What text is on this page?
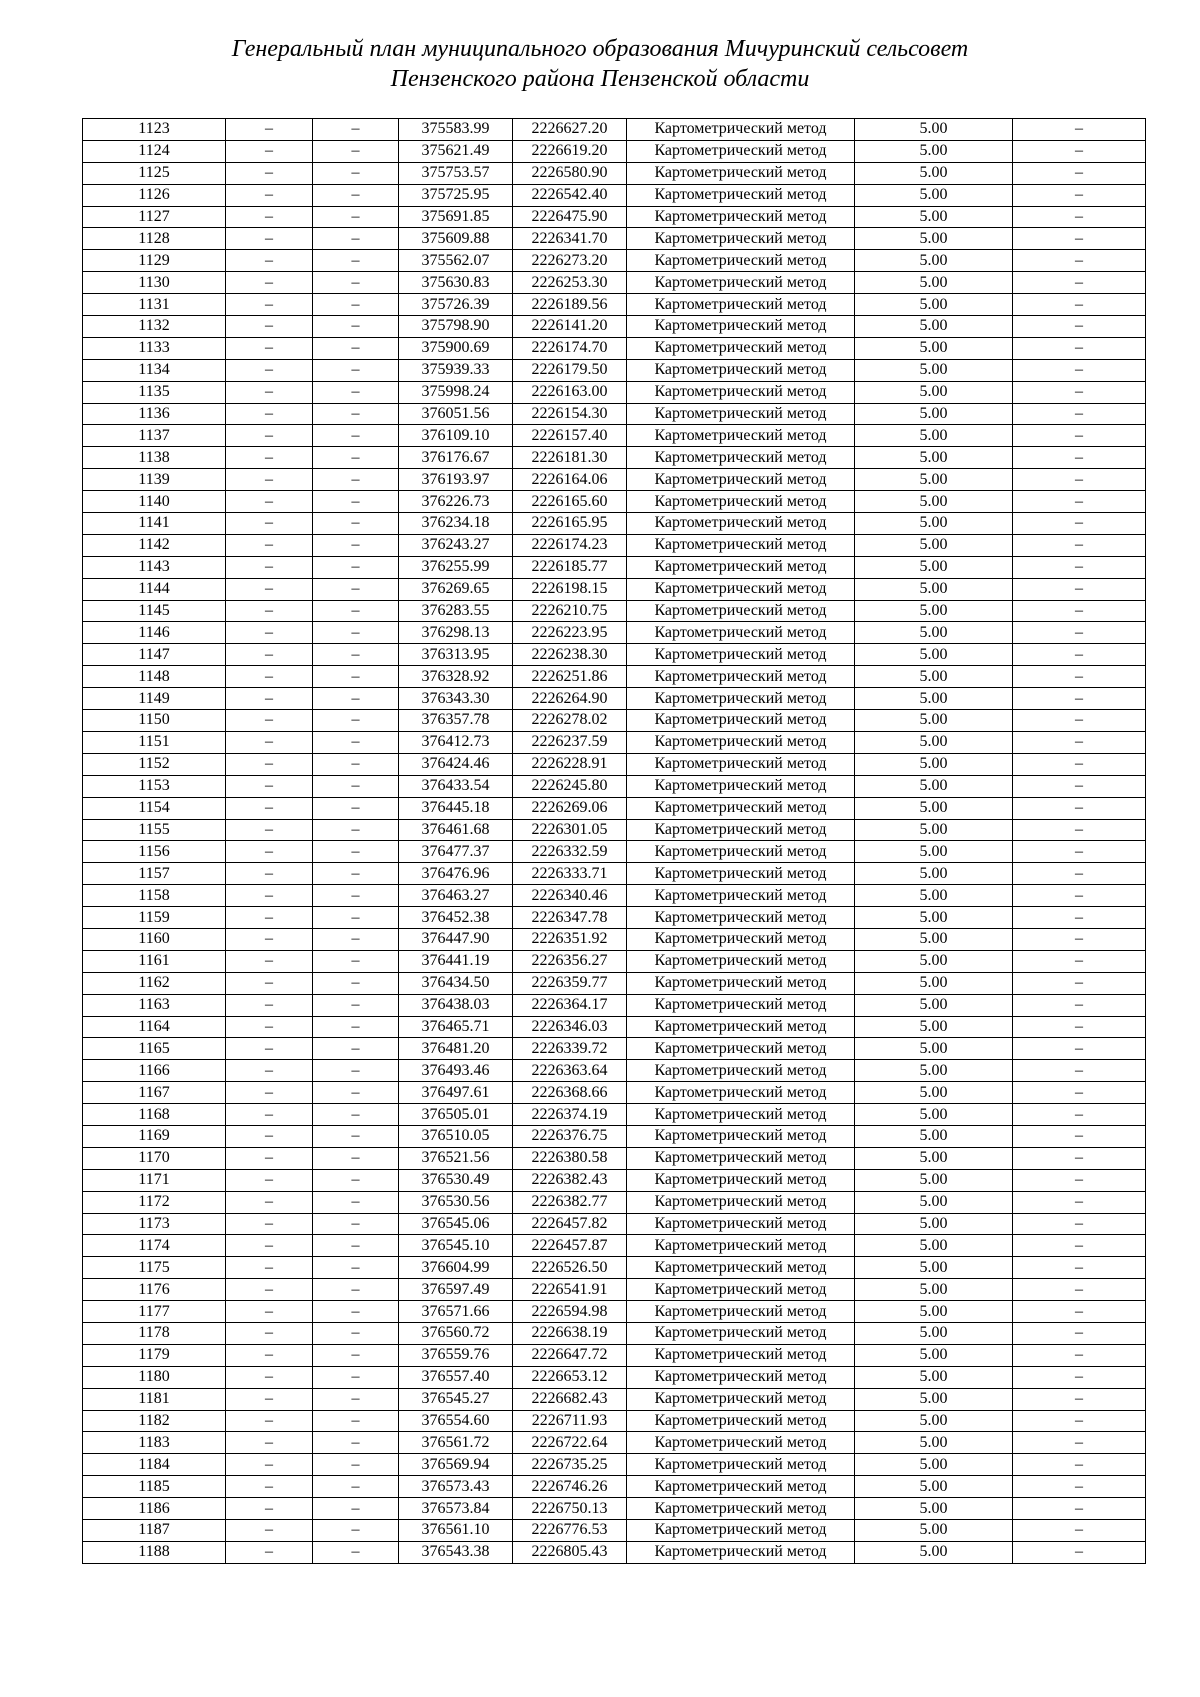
Генеральный план муниципального образования Мичуринский сельсовет
Пензенского района Пензенской области
1123	–	–	375583.99	2226627.20	Картометрический метод	5.00	–
1124	–	–	375621.49	2226619.20	Картометрический метод	5.00	–
1125	–	–	375753.57	2226580.90	Картометрический метод	5.00	–
1126	–	–	375725.95	2226542.40	Картометрический метод	5.00	–
1127	–	–	375691.85	2226475.90	Картометрический метод	5.00	–
1128	–	–	375609.88	2226341.70	Картометрический метод	5.00	–
1129	–	–	375562.07	2226273.20	Картометрический метод	5.00	–
1130	–	–	375630.83	2226253.30	Картометрический метод	5.00	–
1131	–	–	375726.39	2226189.56	Картометрический метод	5.00	–
1132	–	–	375798.90	2226141.20	Картометрический метод	5.00	–
1133	–	–	375900.69	2226174.70	Картометрический метод	5.00	–
1134	–	–	375939.33	2226179.50	Картометрический метод	5.00	–
1135	–	–	375998.24	2226163.00	Картометрический метод	5.00	–
1136	–	–	376051.56	2226154.30	Картометрический метод	5.00	–
1137	–	–	376109.10	2226157.40	Картометрический метод	5.00	–
1138	–	–	376176.67	2226181.30	Картометрический метод	5.00	–
1139	–	–	376193.97	2226164.06	Картометрический метод	5.00	–
1140	–	–	376226.73	2226165.60	Картометрический метод	5.00	–
1141	–	–	376234.18	2226165.95	Картометрический метод	5.00	–
1142	–	–	376243.27	2226174.23	Картометрический метод	5.00	–
1143	–	–	376255.99	2226185.77	Картометрический метод	5.00	–
1144	–	–	376269.65	2226198.15	Картометрический метод	5.00	–
1145	–	–	376283.55	2226210.75	Картометрический метод	5.00	–
1146	–	–	376298.13	2226223.95	Картометрический метод	5.00	–
1147	–	–	376313.95	2226238.30	Картометрический метод	5.00	–
1148	–	–	376328.92	2226251.86	Картометрический метод	5.00	–
1149	–	–	376343.30	2226264.90	Картометрический метод	5.00	–
1150	–	–	376357.78	2226278.02	Картометрический метод	5.00	–
1151	–	–	376412.73	2226237.59	Картометрический метод	5.00	–
1152	–	–	376424.46	2226228.91	Картометрический метод	5.00	–
1153	–	–	376433.54	2226245.80	Картометрический метод	5.00	–
1154	–	–	376445.18	2226269.06	Картометрический метод	5.00	–
1155	–	–	376461.68	2226301.05	Картометрический метод	5.00	–
1156	–	–	376477.37	2226332.59	Картометрический метод	5.00	–
1157	–	–	376476.96	2226333.71	Картометрический метод	5.00	–
1158	–	–	376463.27	2226340.46	Картометрический метод	5.00	–
1159	–	–	376452.38	2226347.78	Картометрический метод	5.00	–
1160	–	–	376447.90	2226351.92	Картометрический метод	5.00	–
1161	–	–	376441.19	2226356.27	Картометрический метод	5.00	–
1162	–	–	376434.50	2226359.77	Картометрический метод	5.00	–
1163	–	–	376438.03	2226364.17	Картометрический метод	5.00	–
1164	–	–	376465.71	2226346.03	Картометрический метод	5.00	–
1165	–	–	376481.20	2226339.72	Картометрический метод	5.00	–
1166	–	–	376493.46	2226363.64	Картометрический метод	5.00	–
1167	–	–	376497.61	2226368.66	Картометрический метод	5.00	–
1168	–	–	376505.01	2226374.19	Картометрический метод	5.00	–
1169	–	–	376510.05	2226376.75	Картометрический метод	5.00	–
1170	–	–	376521.56	2226380.58	Картометрический метод	5.00	–
1171	–	–	376530.49	2226382.43	Картометрический метод	5.00	–
1172	–	–	376530.56	2226382.77	Картометрический метод	5.00	–
1173	–	–	376545.06	2226457.82	Картометрический метод	5.00	–
1174	–	–	376545.10	2226457.87	Картометрический метод	5.00	–
1175	–	–	376604.99	2226526.50	Картометрический метод	5.00	–
1176	–	–	376597.49	2226541.91	Картометрический метод	5.00	–
1177	–	–	376571.66	2226594.98	Картометрический метод	5.00	–
1178	–	–	376560.72	2226638.19	Картометрический метод	5.00	–
1179	–	–	376559.76	2226647.72	Картометрический метод	5.00	–
1180	–	–	376557.40	2226653.12	Картометрический метод	5.00	–
1181	–	–	376545.27	2226682.43	Картометрический метод	5.00	–
1182	–	–	376554.60	2226711.93	Картометрический метод	5.00	–
1183	–	–	376561.72	2226722.64	Картометрический метод	5.00	–
1184	–	–	376569.94	2226735.25	Картометрический метод	5.00	–
1185	–	–	376573.43	2226746.26	Картометрический метод	5.00	–
1186	–	–	376573.84	2226750.13	Картометрический метод	5.00	–
1187	–	–	376561.10	2226776.53	Картометрический метод	5.00	–
1188	–	–	376543.38	2226805.43	Картометрический метод	5.00	–
